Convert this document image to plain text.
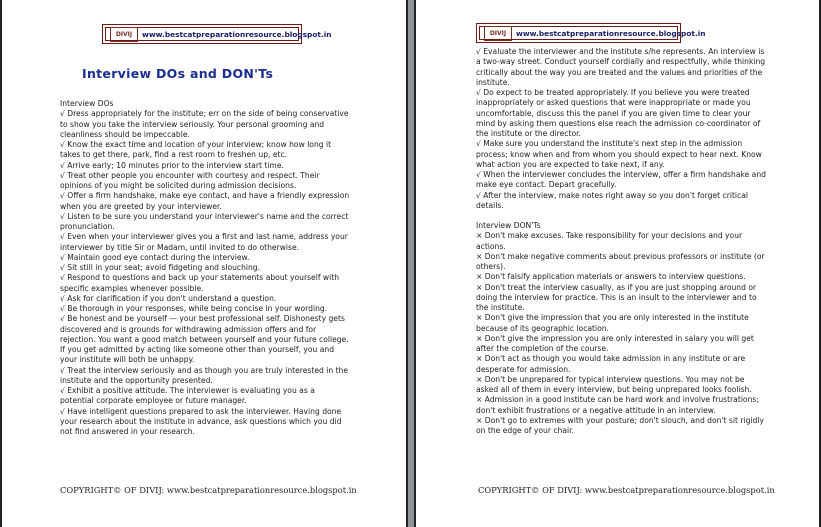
DIVIJ www.bestcatpreparationresource.blogspot.in
Interview DOs and DON'Ts

Interview DOs

√ Dress appropriately for the institute; err on the side of being conservative to show you take the interview seriously. Your personal grooming and cleanliness should be impeccable.

√ Know the exact time and location of your interview; know how long it takes to get there, park, find a rest room to freshen up, etc.

√ Arrive early; 10 minutes prior to the interview start time.

√ Treat other people you encounter with courtesy and respect. Their opinions of you might be solicited during admission decisions.

√ Offer a firm handshake, make eye contact, and have a friendly expression when you are greeted by your interviewer.

√ Listen to be sure you understand your interviewer's name and the correct pronunciation.

√ Even when your interviewer gives you a first and last name, address your interviewer by title Sir or Madam, until invited to do otherwise.

√ Maintain good eye contact during the interview.

√ Sit still in your seat; avoid fidgeting and slouching.

√ Respond to questions and back up your statements about yourself with specific examples whenever possible.

√ Ask for clarification if you don't understand a question.

√ Be thorough in your responses, while being concise in your wording.

√ Be honest and be yourself — your best professional self. Dishonesty gets discovered and is grounds for withdrawing admission offers and for rejection. You want a good match between yourself and your future college. If you get admitted by acting like someone other than yourself, you and your institute will both be unhappy.

√ Treat the interview seriously and as though you are truly interested in the institute and the opportunity presented.

√ Exhibit a positive attitude. The interviewer is evaluating you as a potential corporate employee or future manager.

√ Have intelligent questions prepared to ask the interviewer. Having done your research about the institute in advance, ask questions which you did not find answered in your research.

COPYRIGHT© OF DIVIJ: www.bestcatpreparationresource.blogspot.in
DIVIJ www.bestcatpreparationresource.blogspot.in

√ Evaluate the interviewer and the institute s/he represents. An interview is a two-way street. Conduct yourself cordially and respectfully, while thinking critically about the way you are treated and the values and priorities of the institute.

√ Do expect to be treated appropriately. If you believe you were treated inappropriately or asked questions that were inappropriate or made you uncomfortable, discuss this the panel if you are given time to clear your mind by asking them questions else reach the admission co-coordinator of the institute or the director.

√ Make sure you understand the institute's next step in the admission process; know when and from whom you should expect to hear next. Know what action you are expected to take next, if any.

√ When the interviewer concludes the interview, offer a firm handshake and make eye contact. Depart gracefully.

√ After the interview, make notes right away so you don't forget critical details.

Interview DON'Ts

× Don't make excuses. Take responsibility for your decisions and your actions.

× Don't make negative comments about previous professors or institute (or others).

× Don't falsify application materials or answers to interview questions.

× Don't treat the interview casually, as if you are just shopping around or doing the interview for practice. This is an insult to the interviewer and to the institute.

× Don't give the impression that you are only interested in the institute because of its geographic location.

× Don't give the impression you are only interested in salary you will get after the completion of the course.

× Don't act as though you would take admission in any institute or are desperate for admission.

× Don't be unprepared for typical interview questions. You may not be asked all of them in every interview, but being unprepared looks foolish.

× Admission in a good institute can be hard work and involve frustrations; don't exhibit frustrations or a negative attitude in an interview.

× Don't go to extremes with your posture; don't slouch, and don't sit rigidly on the edge of your chair.

COPYRIGHT© OF DIVIJ: www.bestcatpreparationresource.blogspot.in
